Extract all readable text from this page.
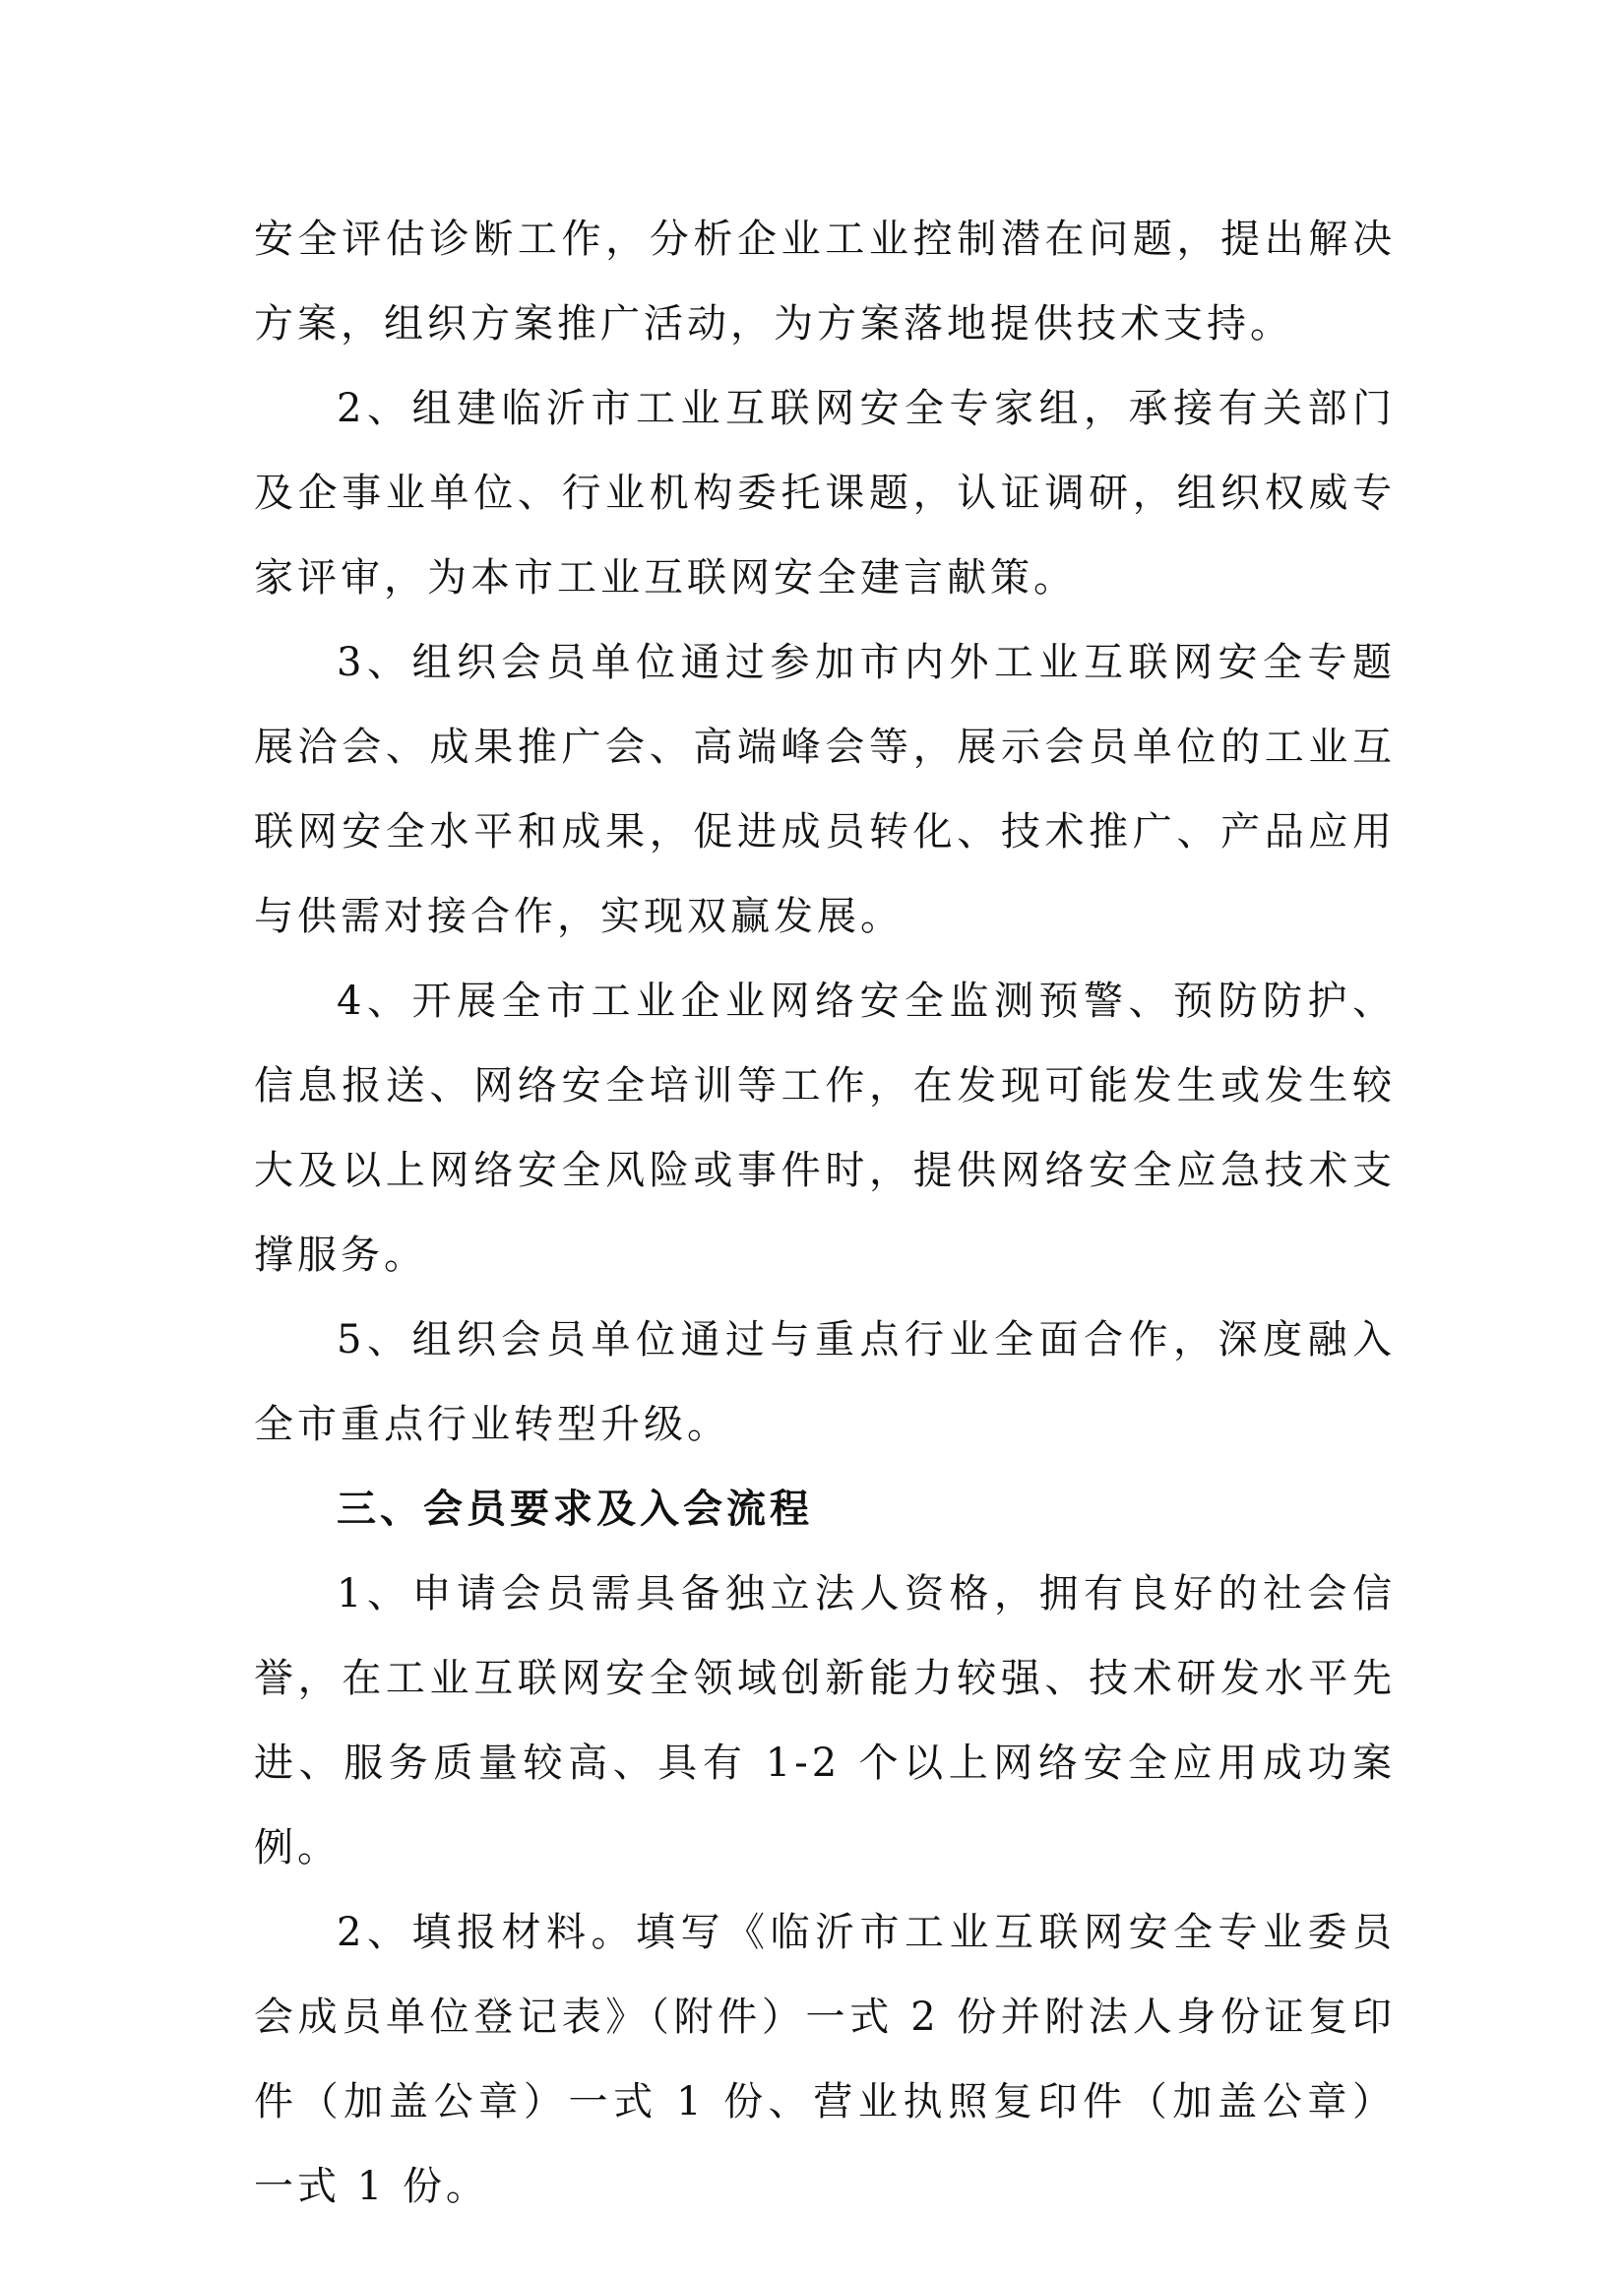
安全评估诊断工作，分析企业工业控制潜在问题，提出解决方案，组织方案推广活动，为方案落地提供技术支持。

2、组建临沂市工业互联网安全专家组，承接有关部门及企事业单位、行业机构委托课题，认证调研，组织权威专家评审，为本市工业互联网安全建言献策。

3、组织会员单位通过参加市内外工业互联网安全专题展洽会、成果推广会、高端峰会等，展示会员单位的工业互联网安全水平和成果，促进成员转化、技术推广、产品应用与供需对接合作，实现双赢发展。

4、开展全市工业企业网络安全监测预警、预防防护、信息报送、网络安全培训等工作，在发现可能发生或发生较大及以上网络安全风险或事件时，提供网络安全应急技术支撑服务。

5、组织会员单位通过与重点行业全面合作，深度融入全市重点行业转型升级。

三、会员要求及入会流程

1、申请会员需具备独立法人资格，拥有良好的社会信誉，在工业互联网安全领域创新能力较强、技术研发水平先进、服务质量较高、具有 1-2 个以上网络安全应用成功案例。

2、填报材料。填写《临沂市工业互联网安全专业委员会成员单位登记表》（附件）一式 2 份并附法人身份证复印件（加盖公章）一式 1 份、营业执照复印件（加盖公章）一式 1 份。
